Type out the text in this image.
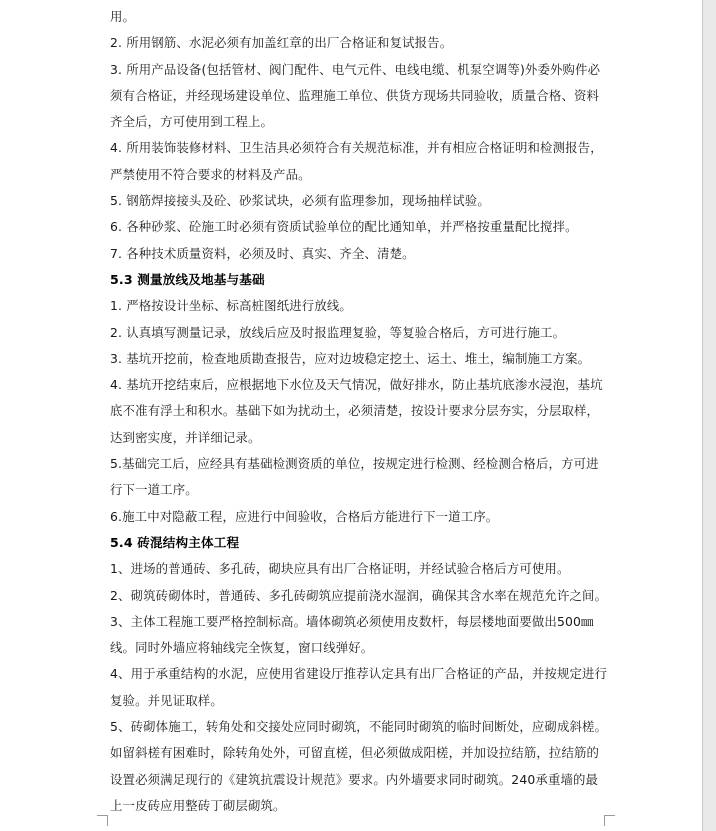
用。

2. 所用钢筋、水泥必须有加盖红章的出厂合格证和复试报告。

3. 所用产品设备(包括管材、阀门配件、电气元件、电线电缆、机泵空调等)外委外购件必须有合格证，并经现场建设单位、监理施工单位、供货方现场共同验收，质量合格、资料齐全后，方可使用到工程上。

4. 所用装饰装修材料、卫生洁具必须符合有关规范标准，并有相应合格证明和检测报告，严禁使用不符合要求的材料及产品。

5. 钢筋焊接接头及砼、砂浆试块，必须有监理参加，现场抽样试验。

6. 各种砂浆、砼施工时必须有资质试验单位的配比通知单，并严格按重量配比搅拌。

7. 各种技术质量资料，必须及时、真实、齐全、清楚。

5.3 测量放线及地基与基础

1. 严格按设计坐标、标高桩图纸进行放线。

2. 认真填写测量记录，放线后应及时报监理复验，等复验合格后，方可进行施工。

3. 基坑开挖前，检查地质勘查报告，应对边坡稳定挖土、运土、堆土，编制施工方案。

4. 基坑开挖结束后，应根据地下水位及天气情况，做好排水，防止基坑底渗水浸泡，基坑底不准有浮土和积水。基础下如为扰动土，必须清楚，按设计要求分层夯实，分层取样，达到密实度，并详细记录。

5.基础完工后，应经具有基础检测资质的单位，按规定进行检测、经检测合格后，方可进行下一道工序。

6.施工中对隐蔽工程，应进行中间验收，合格后方能进行下一道工序。

5.4 砖混结构主体工程

1、进场的普通砖、多孔砖，砌块应具有出厂合格证明，并经试验合格后方可使用。

2、砌筑砖砌体时，普通砖、多孔砖砌筑应提前浇水湿润，确保其含水率在规范允许之间。

3、主体工程施工要严格控制标高。墙体砌筑必须使用皮数杆，每层楼地面要做出500㎜线。同时外墙应将轴线完全恢复，窗口线弹好。

4、用于承重结构的水泥，应使用省建设厅推荐认定具有出厂合格证的产品，并按规定进行复验。并见证取样。

5、砖砌体施工，转角处和交接处应同时砌筑，不能同时砌筑的临时间断处，应砌成斜槎。如留斜槎有困难时，除转角处外，可留直槎，但必须做成阳槎，并加设拉结筋，拉结筋的设置必须满足现行的《建筑抗震设计规范》要求。内外墙要求同时砌筑。240承重墙的最上一皮砖应用整砖丁砌层砌筑。
